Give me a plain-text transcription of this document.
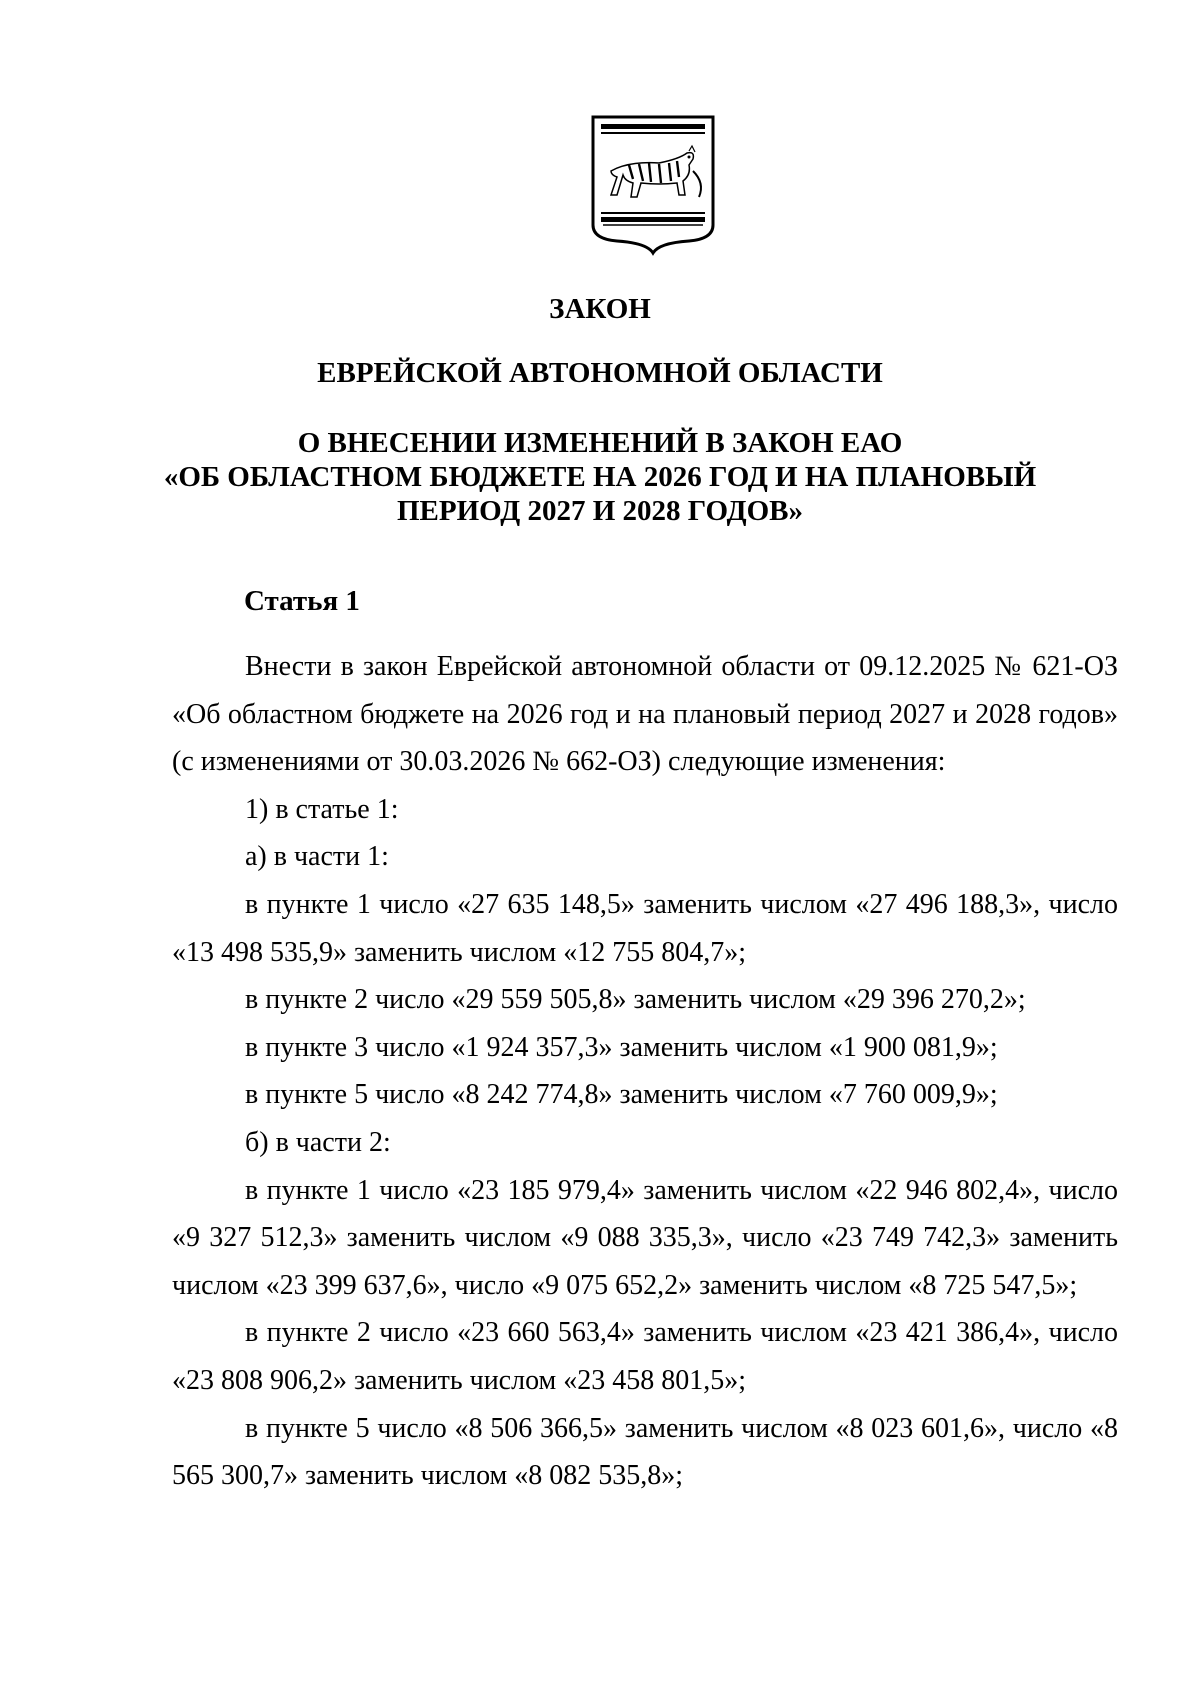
ЗАКОН
ЕВРЕЙСКОЙ АВТОНОМНОЙ ОБЛАСТИ
О ВНЕСЕНИИ ИЗМЕНЕНИЙ В ЗАКОН ЕАО
«ОБ ОБЛАСТНОМ БЮДЖЕТЕ НА 2026 ГОД И НА ПЛАНОВЫЙ
ПЕРИОД 2027 И 2028 ГОДОВ»
Статья 1

Внести в закон Еврейской автономной области от 09.12.2025 № 621-ОЗ «Об областном бюджете на 2026 год и на плановый период 2027 и 2028 годов» (с изменениями от 30.03.2026 № 662-ОЗ) следующие изменения:

1) в статье 1:

а) в части 1:

в пункте 1 число «27 635 148,5» заменить числом «27 496 188,3», число «13 498 535,9» заменить числом «12 755 804,7»;

в пункте 2 число «29 559 505,8» заменить числом «29 396 270,2»;

в пункте 3 число «1 924 357,3» заменить числом «1 900 081,9»;

в пункте 5 число «8 242 774,8» заменить числом «7 760 009,9»;

б) в части 2:

в пункте 1 число «23 185 979,4» заменить числом «22 946 802,4», число «9 327 512,3» заменить числом «9 088 335,3», число «23 749 742,3» заменить числом «23 399 637,6», число «9 075 652,2» заменить числом «8 725 547,5»;

в пункте 2 число «23 660 563,4» заменить числом «23 421 386,4», число «23 808 906,2» заменить числом «23 458 801,5»;

в пункте 5 число «8 506 366,5» заменить числом «8 023 601,6», число «8 565 300,7» заменить числом «8 082 535,8»;
